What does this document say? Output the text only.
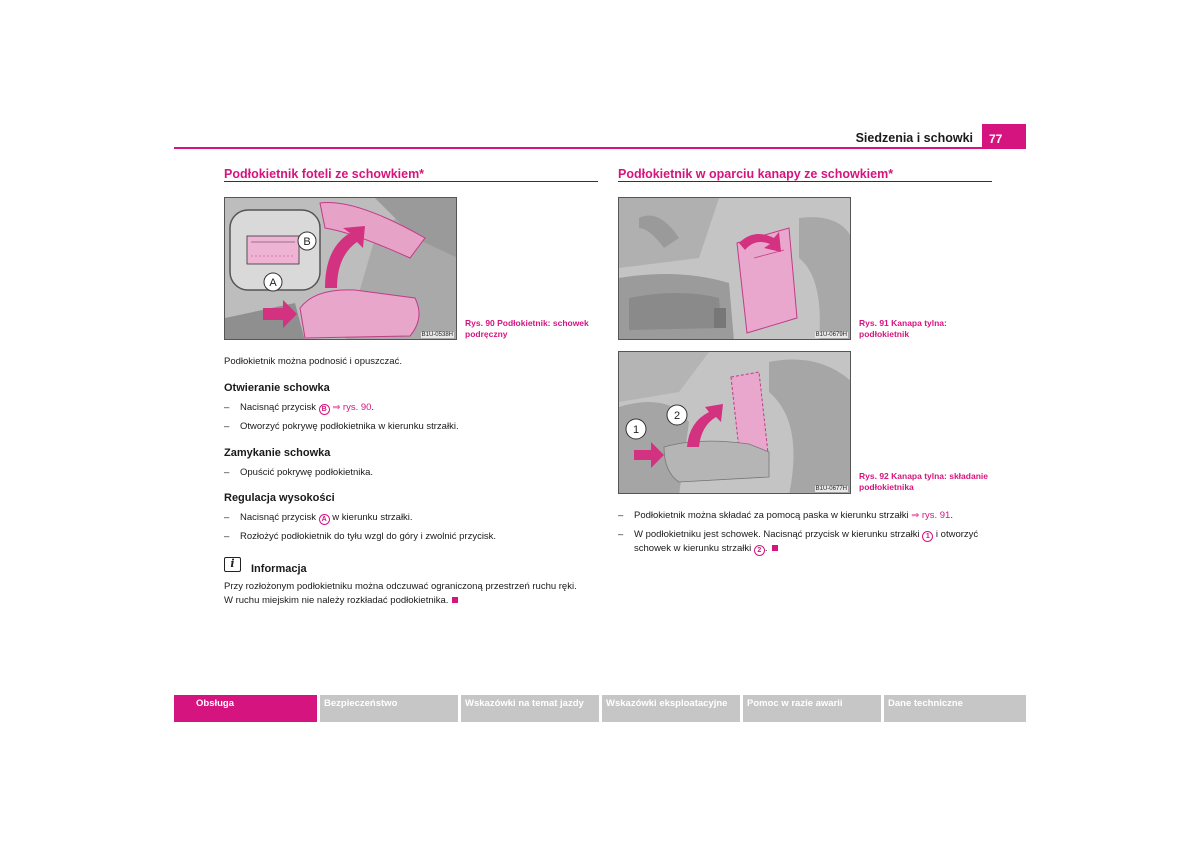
Siedzenia i schowki	77
Podłokietnik foteli ze schowkiem*
B
A
B1U-0538H
Rys. 90 Podłokietnik: schowek
podręczny
Podłokietnik można podnosić i opuszczać.
Otwieranie schowka
– Nacisnąć przycisk B ⇒ rys. 90.
– Otworzyć pokrywę podłokietnika w kierunku strzałki.
Zamykanie schowka
– Opuścić pokrywę podłokietnika.
Regulacja wysokości
– Nacisnąć przycisk A w kierunku strzałki.
– Rozłożyć podłokietnik do tyłu wzgl do góry i zwolnić przycisk.
i	Informacja
Przy rozłożonym podłokietniku można odczuwać ograniczoną przestrzeń ruchu ręki.
W ruchu miejskim nie należy rozkładać podłokietnika.
Podłokietnik w oparciu kanapy ze schowkiem*
B1U-0679H
Rys. 91 Kanapa tylna:
podłokietnik
1
2
B1U-0677H
Rys. 92 Kanapa tylna: składanie
podłokietnika
– Podłokietnik można składać za pomocą paska w kierunku strzałki ⇒ rys. 91.
– W podłokietniku jest schowek. Nacisnąć przycisk w kierunku strzałki 1 i otworzyć
schowek w kierunku strzałki 2 .
Obsługa	Bezpieczeństwo	Wskazówki na temat jazdy	Wskazówki eksploatacyjne	Pomoc w razie awarii	Dane techniczne
